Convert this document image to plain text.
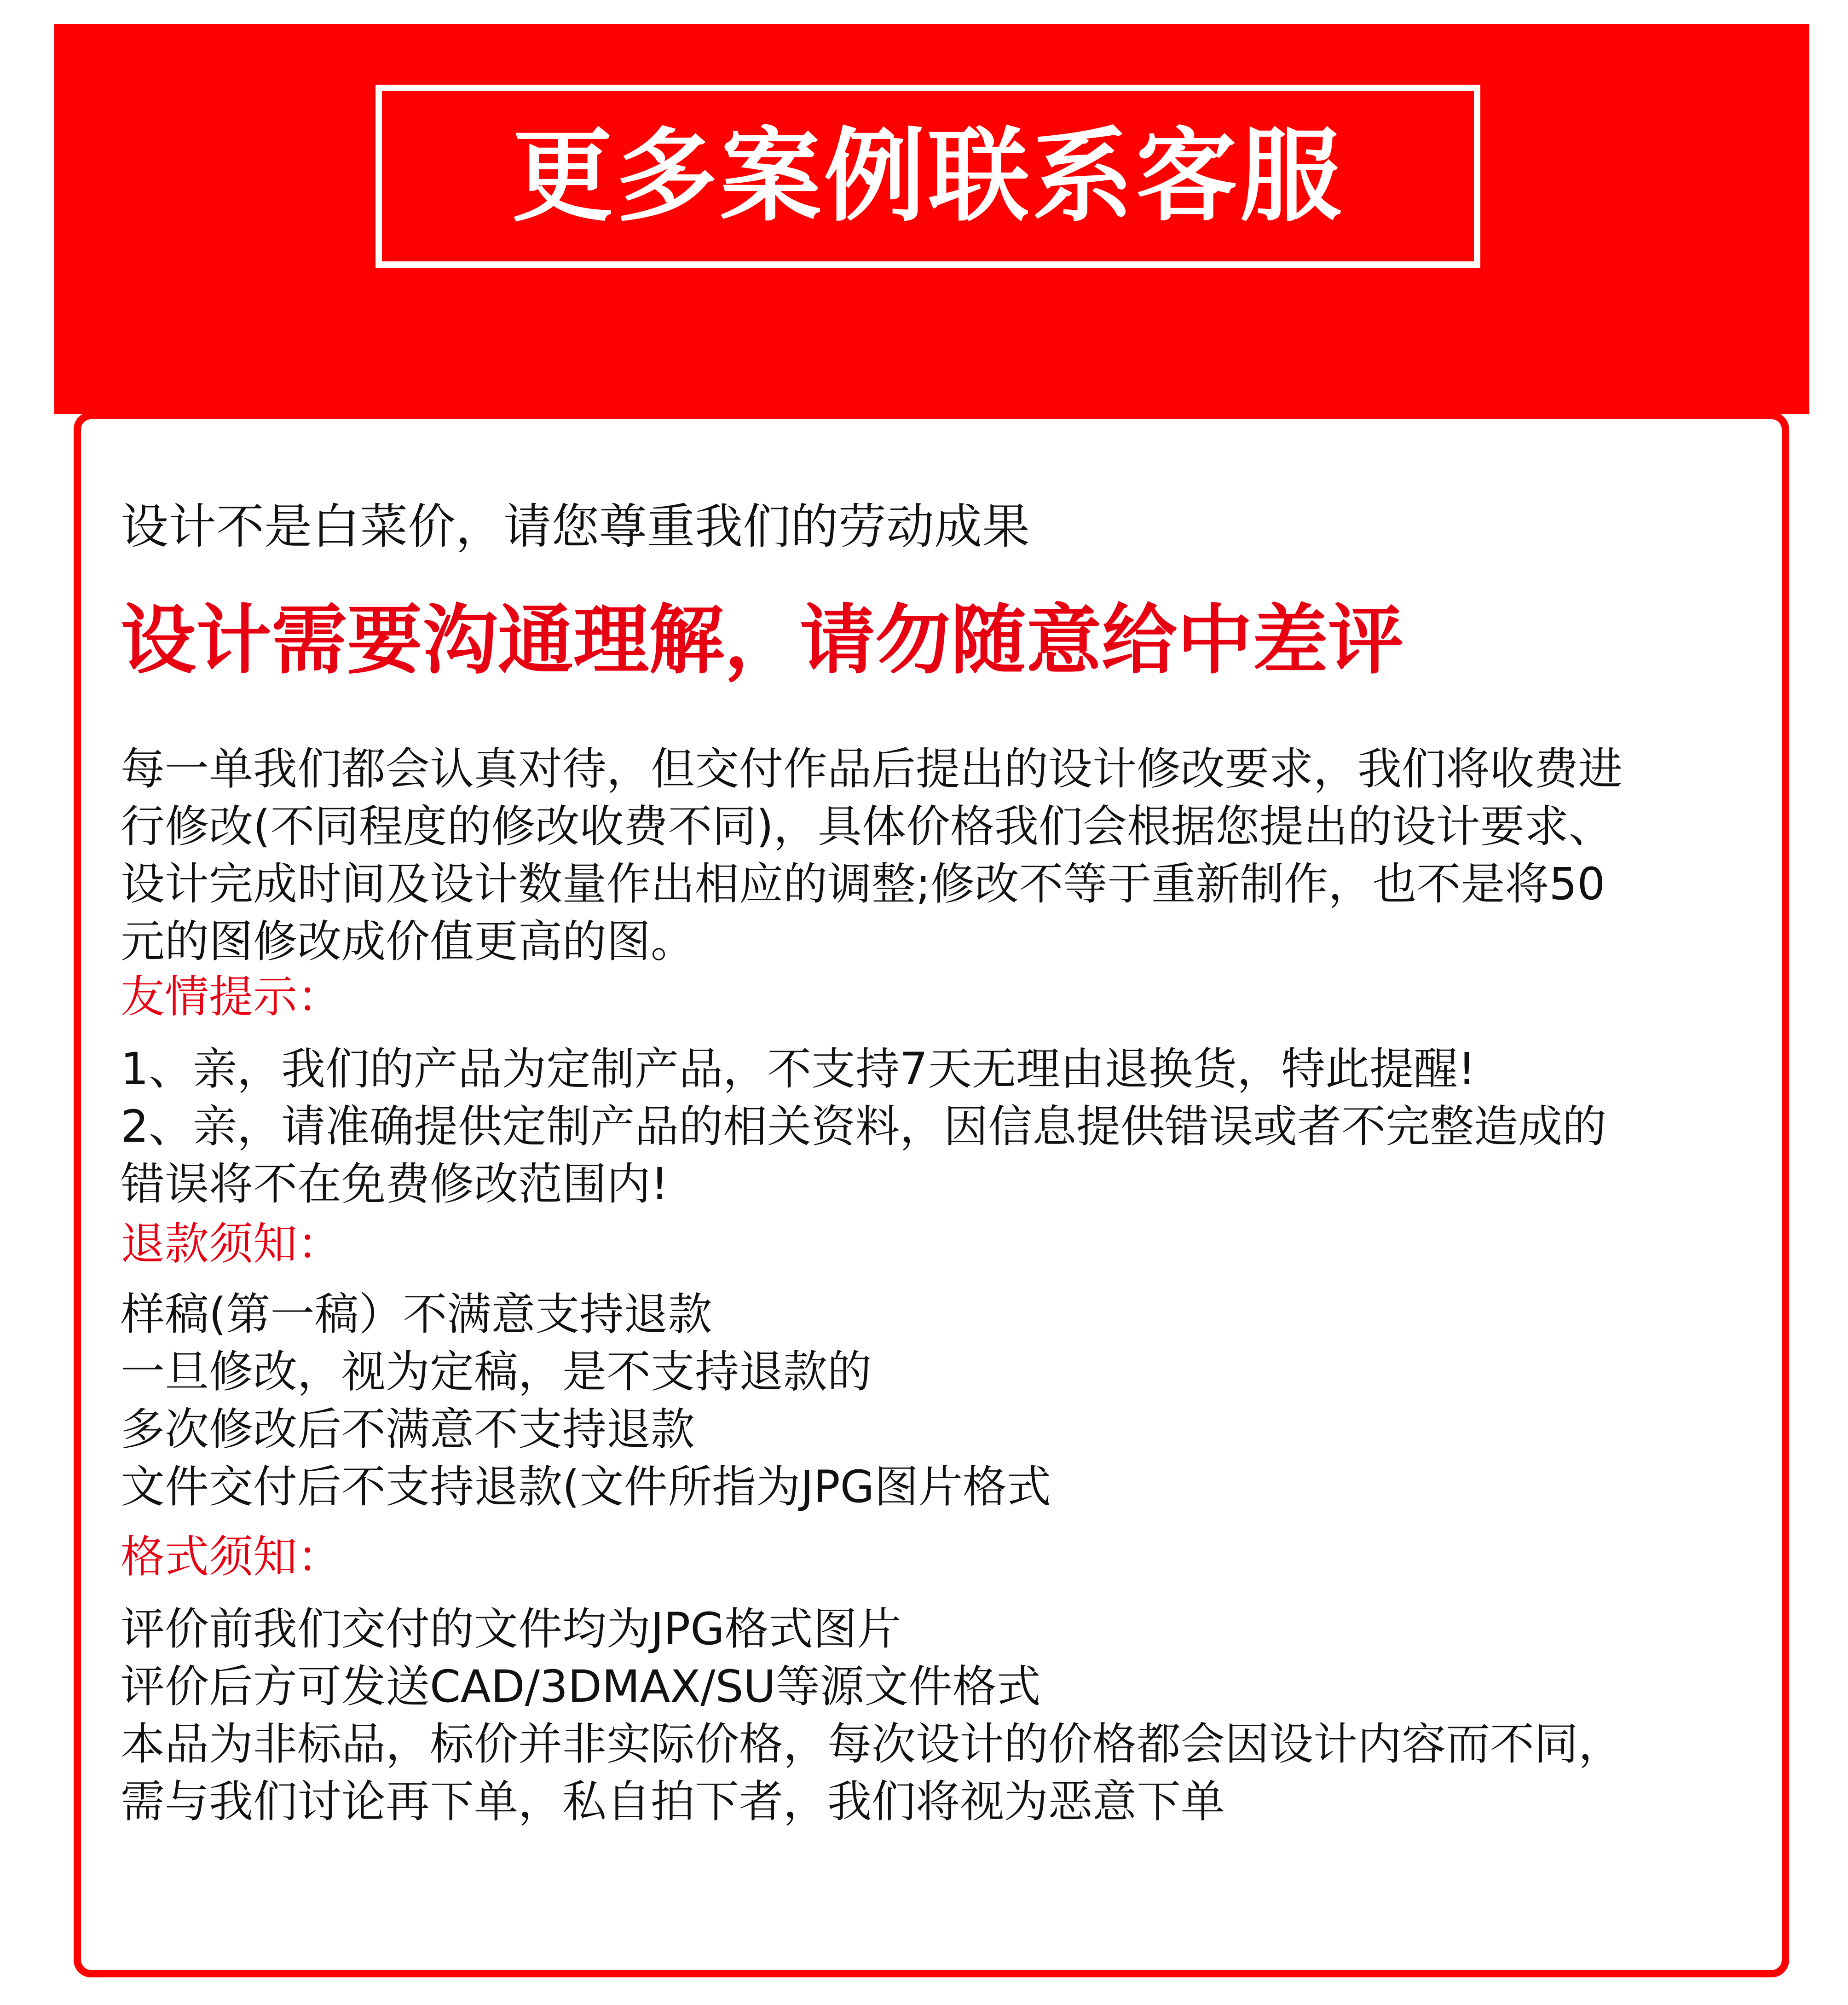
更多案例联系客服

设计不是白菜价，请您尊重我们的劳动成果

设计需要沟通理解，请勿随意给中差评

每一单我们都会认真对待，但交付作品后提出的设计修改要求，我们将收费进

行修改(不同程度的修改收费不同)，具体价格我们会根据您提出的设计要求、

设计完成时间及设计数量作出相应的调整;修改不等于重新制作，也不是将50

元的图修改成价值更高的图。

友情提示：

1、亲，我们的产品为定制产品，不支持7天无理由退换货，特此提醒!

2、亲，请准确提供定制产品的相关资料，因信息提供错误或者不完整造成的

错误将不在免费修改范围内!

退款须知：

样稿(第一稿）不满意支持退款

一旦修改，视为定稿，是不支持退款的

多次修改后不满意不支持退款

文件交付后不支持退款(文件所指为JPG图片格式

格式须知：

评价前我们交付的文件均为JPG格式图片

评价后方可发送CAD/3DMAX/SU等源文件格式

本品为非标品，标价并非实际价格，每次设计的价格都会因设计内容而不同，

需与我们讨论再下单，私自拍下者，我们将视为恶意下单
